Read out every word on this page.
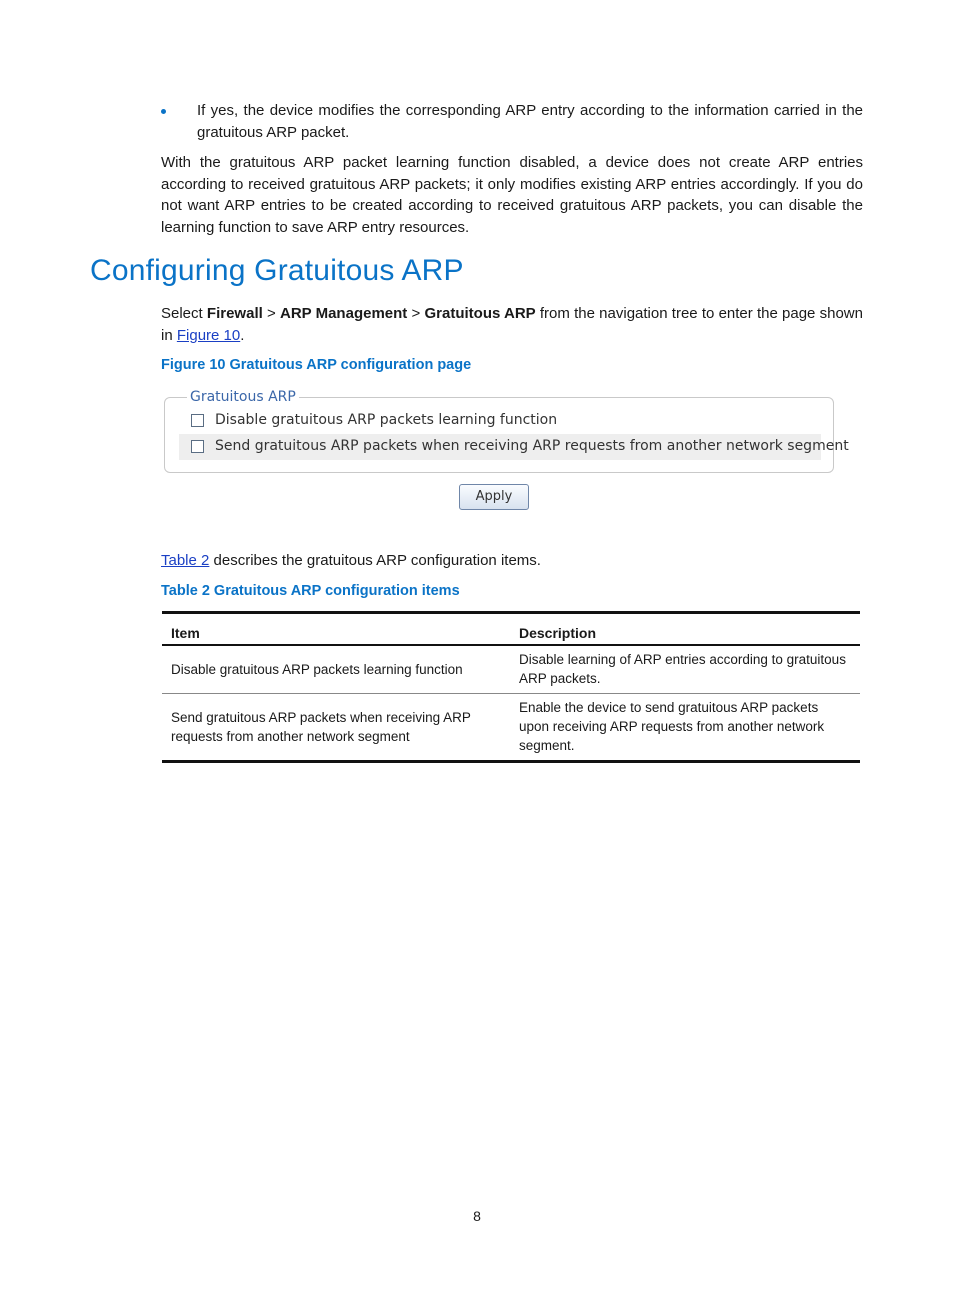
If yes, the device modifies the corresponding ARP entry according to the information carried in the gratuitous ARP packet.
With the gratuitous ARP packet learning function disabled, a device does not create ARP entries according to received gratuitous ARP packets; it only modifies existing ARP entries accordingly. If you do not want ARP entries to be created according to received gratuitous ARP packets, you can disable the learning function to save ARP entry resources.
Configuring Gratuitous ARP
Select Firewall > ARP Management > Gratuitous ARP from the navigation tree to enter the page shown in Figure 10.
Figure 10 Gratuitous ARP configuration page
Gratuitous ARP
Disable gratuitous ARP packets learning function
Send gratuitous ARP packets when receiving ARP requests from another network segment
Apply
Table 2 describes the gratuitous ARP configuration items.
Table 2 Gratuitous ARP configuration items
Item	Description
Disable gratuitous ARP packets learning function	Disable learning of ARP entries according to gratuitous ARP packets.
Send gratuitous ARP packets when receiving ARP requests from another network segment	Enable the device to send gratuitous ARP packets upon receiving ARP requests from another network segment.
8
